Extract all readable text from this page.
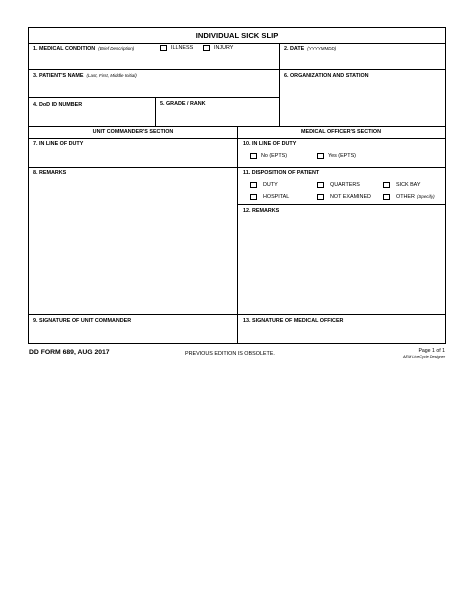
INDIVIDUAL SICK SLIP
1. MEDICAL CONDITION (Brief Description)	ILLNESS	INJURY	2. DATE (YYYYMMDD)
3. PATIENT'S NAME (Last, First, Middle Initial)	6. ORGANIZATION AND STATION
4. DoD ID NUMBER	5. GRADE / RANK
UNIT COMMANDER'S SECTION	MEDICAL OFFICER'S SECTION
7. IN LINE OF DUTY	10. IN LINE OF DUTY
No (EPTS)	Yes (EPTS)
8. REMARKS	11. DISPOSITION OF PATIENT
DUTY	QUARTERS	SICK BAY
HOSPITAL	NOT EXAMINED	OTHER (Specify)
12. REMARKS
9. SIGNATURE OF UNIT COMMANDER	13. SIGNATURE OF MEDICAL OFFICER
DD FORM 689, AUG 2017	PREVIOUS EDITION IS OBSOLETE.	Page 1 of 1
AEM LiveCycle Designer
